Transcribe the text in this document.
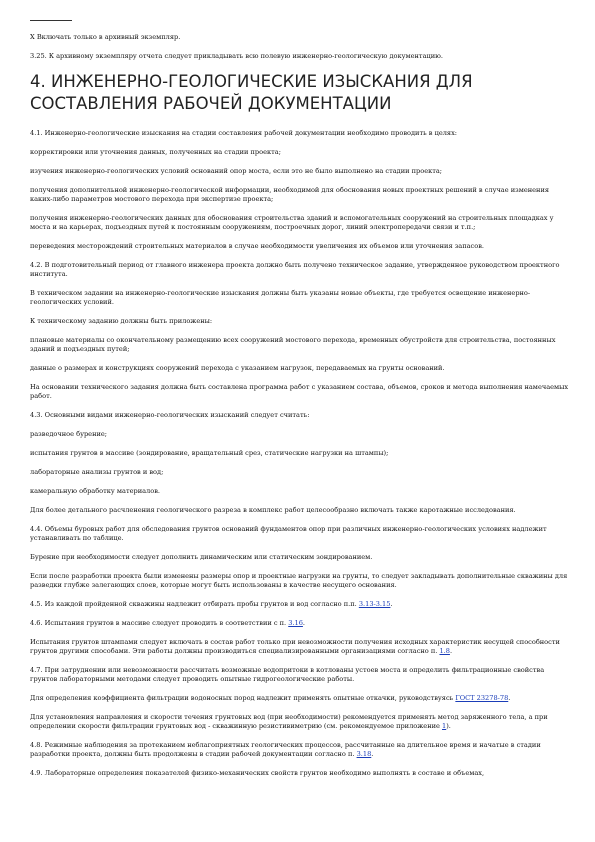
X Включать только в архивный экземпляр.

3.25. К архивному экземпляру отчета следует прикладывать всю полевую инженерно-геологическую документацию.

4. ИНЖЕНЕРНО-ГЕОЛОГИЧЕСКИЕ ИЗЫСКАНИЯ ДЛЯ СОСТАВЛЕНИЯ РАБОЧЕЙ ДОКУМЕНТАЦИИ

4.1. Инженерно-геологические изыскания на стадии составления рабочей документации необходимо проводить в целях:

корректировки или уточнения данных, полученных на стадии проекта;

изучения инженерно-геологических условий оснований опор моста, если это не было выполнено на стадии проекта;

получения дополнительной инженерно-геологической информации, необходимой для обоснования новых проектных решений в случае изменения каких-либо параметров мостового перехода при экспертизе проекта;

получения инженерно-геологических данных для обоснования строительства зданий и вспомогательных сооружений на строительных площадках у моста и на карьерах, подъездных путей к постоянным сооружениям, построечных дорог, линий электропередачи связи и т.п.;

переведения месторождений строительных материалов в случае необходимости увеличения их объемов или уточнения запасов.

4.2. В подготовительный период от главного инженера проекта должно быть получено техническое задание, утвержденное руководством проектного института.

В техническом задании на инженерно-геологические изыскания должны быть указаны новые объекты, где требуется освещение инженерно-геологических условий.

К техническому заданию должны быть приложены:

плановые материалы со окончательному размещению всех сооружений мостового перехода, временных обустройств для строительства, постоянных зданий и подъездных путей;

данные о размерах и конструкциях сооружений перехода с указанием нагрузок, передаваемых на грунты оснований.

На основании технического задания должна быть составлена программа работ с указанием состава, объемов, сроков и метода выполнения намечаемых работ.

4.3. Основными видами инженерно-геологических изысканий следует считать:

разведочное бурение;

испытания грунтов в массиве (зондирование, вращательный срез, статические нагрузки на штампы);

лабораторные анализы грунтов и вод;

камеральную обработку материалов.

Для более детального расчленения геологического разреза в комплекс работ целесообразно включать также каротажные исследования.

4.4. Объемы буровых работ для обследования грунтов оснований фундаментов опор при различных инженерно-геологических условиях надлежит устанавливать по таблице.

Бурение при необходимости следует дополнить динамическим или статическим зондированием.

Если после разработки проекта были изменены размеры опор и проектные нагрузки на грунты, то следует закладывать дополнительные скважины для разведки глубже залегающих слоев, которые могут быть использованы в качестве несущего основания.

4.5. Из каждой пройденной скважины надлежит отбирать пробы грунтов и вод согласно п.п. 3.13-3.15.

4.6. Испытания грунтов в массиве следует проводить в соответствии с п. 3.16.

Испытания грунтов штампами следует включать в состав работ только при невозможности получения исходных характеристик несущей способности грунтов другими способами. Эти работы должны производиться специализированными организациями согласно п. 1.8.

4.7. При затруднении или невозможности рассчитать возможные водопритоки в котлованы устоев моста и определить фильтрационные свойства грунтов лабораторными методами следует проводить опытные гидрогеологические работы.

Для определения коэффициента фильтрации водоносных пород надлежит применять опытные откачки, руководствуясь ГОСТ 23278-78.

Для установления направления и скорости течения грунтовых вод (при необходимости) рекомендуется применять метод заряженного тела, а при определении скорости фильтрации грунтовых вод - скважинную резистивиметрию (см. рекомендуемое приложение 1).

4.8. Режимные наблюдения за протеканием неблагоприятных геологических процессов, рассчитанные на длительное время и начатые в стадии разработки проекта, должны быть продолжены в стадии рабочей документации согласно п. 3.18.

4.9. Лабораторные определения показателей физико-механических свойств грунтов необходимо выполнять в составе и объемах,
